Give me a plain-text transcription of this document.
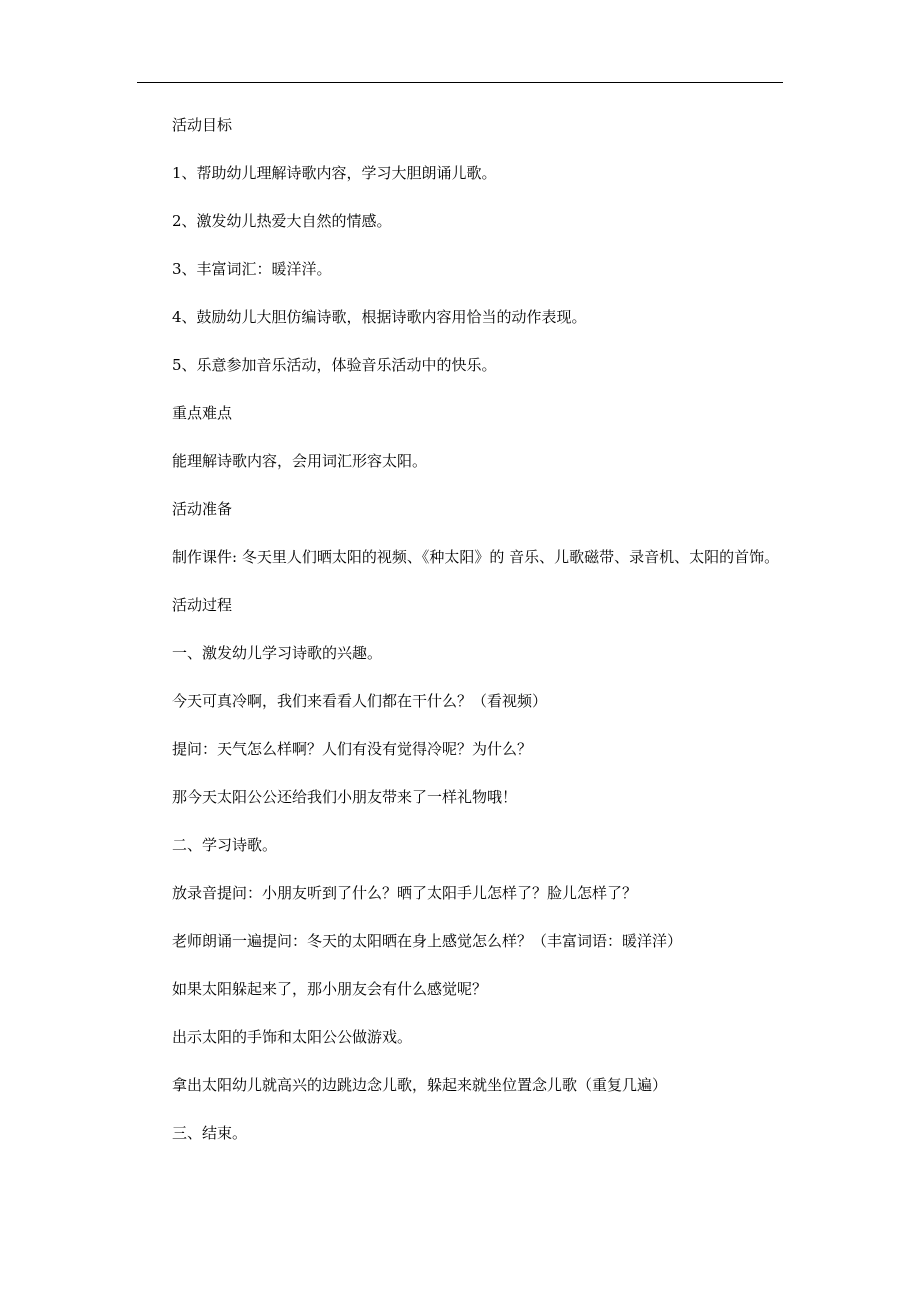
活动目标

1、帮助幼儿理解诗歌内容，学习大胆朗诵儿歌。

2、激发幼儿热爱大自然的情感。

3、丰富词汇：暖洋洋。

4、鼓励幼儿大胆仿编诗歌，根据诗歌内容用恰当的动作表现。

5、乐意参加音乐活动，体验音乐活动中的快乐。

重点难点

能理解诗歌内容，会用词汇形容太阳。

活动准备

制作课件: 冬天里人们晒太阳的视频、《种太阳》的 音乐、儿歌磁带、录音机、太阳的首饰。

活动过程

一、激发幼儿学习诗歌的兴趣。

今天可真冷啊，我们来看看人们都在干什么？（看视频）

提问：天气怎么样啊？人们有没有觉得冷呢？为什么？

那今天太阳公公还给我们小朋友带来了一样礼物哦！

二、学习诗歌。

放录音提问：小朋友听到了什么？晒了太阳手儿怎样了？脸儿怎样了？

老师朗诵一遍提问：冬天的太阳晒在身上感觉怎么样？（丰富词语：暖洋洋）

如果太阳躲起来了，那小朋友会有什么感觉呢？

出示太阳的手饰和太阳公公做游戏。

拿出太阳幼儿就高兴的边跳边念儿歌，躲起来就坐位置念儿歌（重复几遍）

三、结束。
